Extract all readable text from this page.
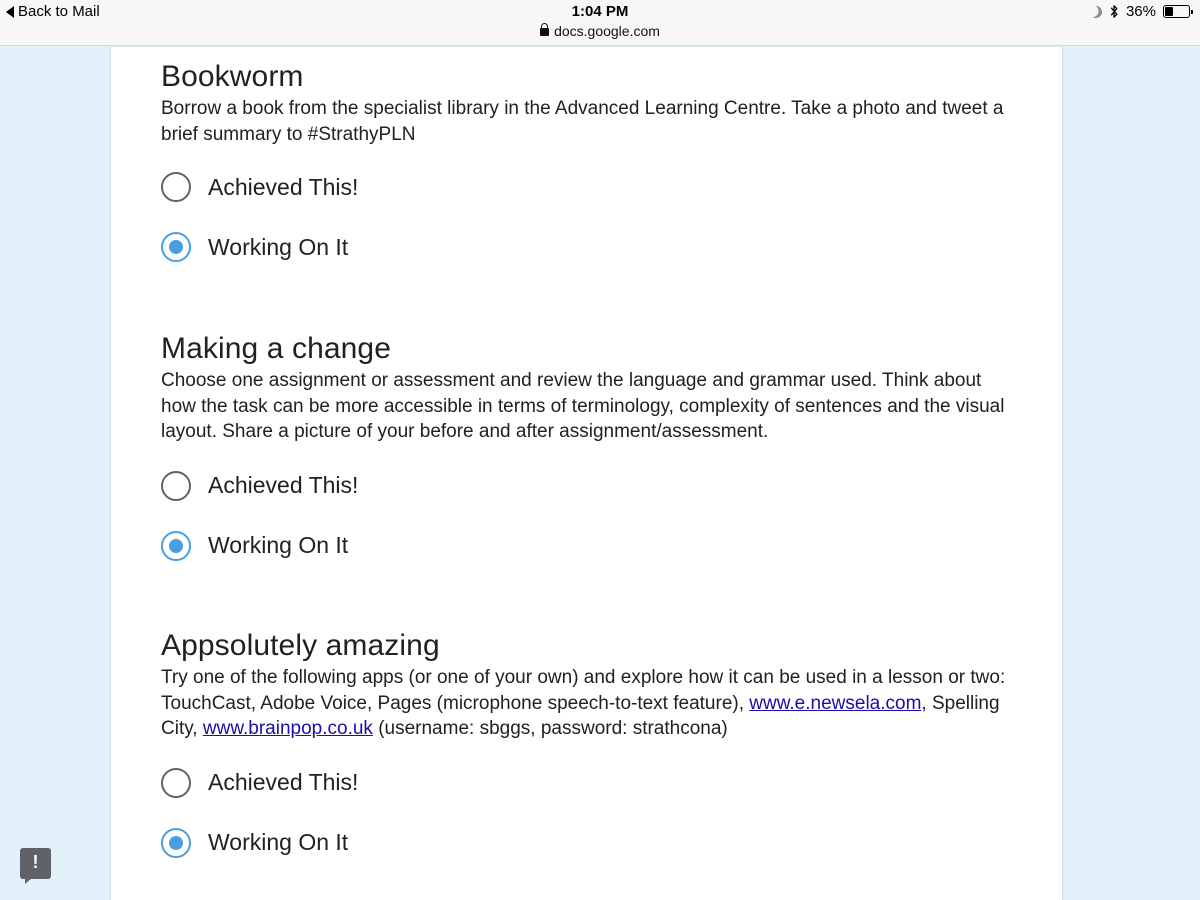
Back to Mail	1:04 PM
docs.google.com
36%
Bookworm
Borrow a book from the specialist library in the Advanced Learning Centre. Take a photo and tweet a brief summary to #StrathyPLN
Achieved This!
Working On It
Making a change
Choose one assignment or assessment and review the language and grammar used. Think about how the task can be more accessible in terms of terminology, complexity of sentences and the visual layout. Share a picture of your before and after assignment/assessment.
Achieved This!
Working On It
Appsolutely amazing
Try one of the following apps (or one of your own) and explore how it can be used in a lesson or two: TouchCast, Adobe Voice, Pages (microphone speech-to-text feature), www.e.newsela.com, Spelling City, www.brainpop.co.uk (username: sbggs, password: strathcona)
Achieved This!
Working On It
!
